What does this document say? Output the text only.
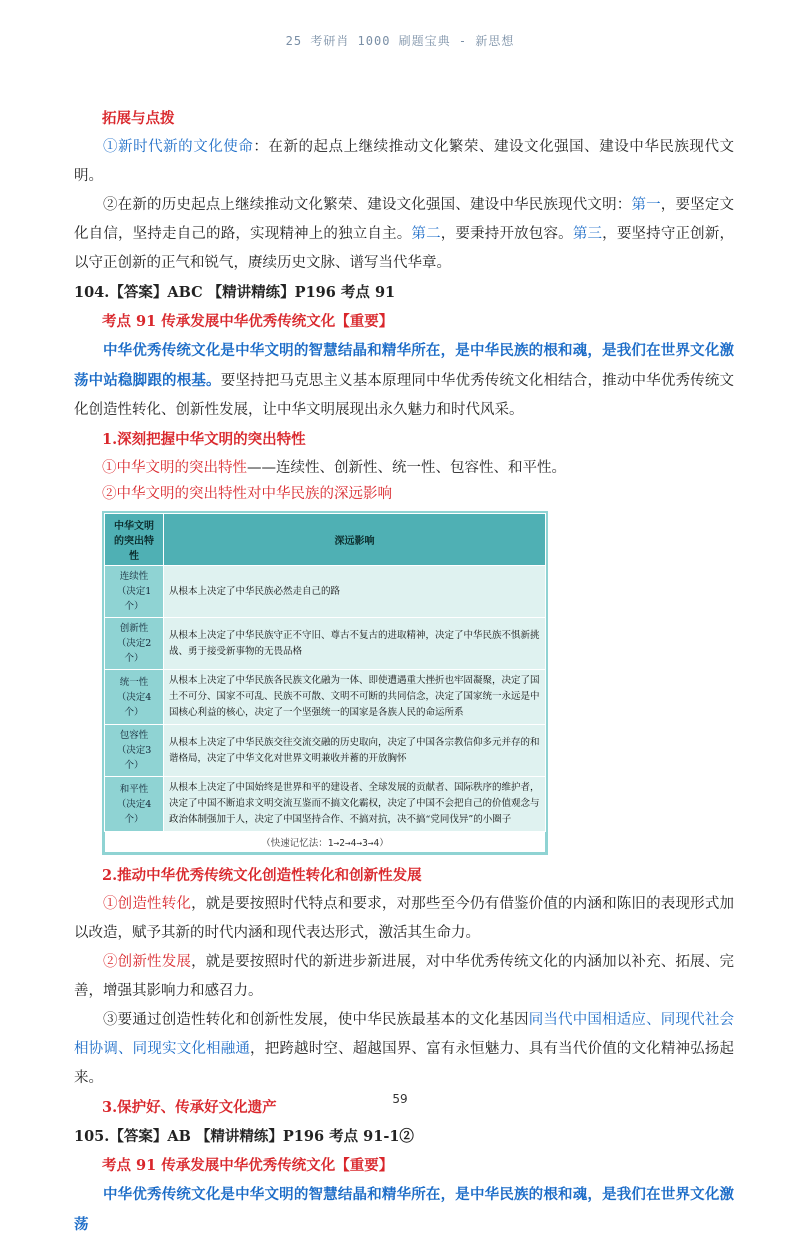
25 考研肖 1000 刷题宝典 - 新思想

拓展与点拨

①新时代新的文化使命：在新的起点上继续推动文化繁荣、建设文化强国、建设中华民族现代文明。

②在新的历史起点上继续推动文化繁荣、建设文化强国、建设中华民族现代文明：第一，要坚定文化自信，坚持走自己的路，实现精神上的独立自主。第二，要秉持开放包容。第三，要坚持守正创新，以守正创新的正气和锐气，赓续历史文脉、谱写当代华章。

104.【答案】ABC 【精讲精练】P196 考点 91

考点 91 传承发展中华优秀传统文化【重要】

中华优秀传统文化是中华文明的智慧结晶和精华所在，是中华民族的根和魂，是我们在世界文化激荡中站稳脚跟的根基。要坚持把马克思主义基本原理同中华优秀传统文化相结合，推动中华优秀传统文化创造性转化、创新性发展，让中华文明展现出永久魅力和时代风采。

1.深刻把握中华文明的突出特性

①中华文明的突出特性——连续性、创新性、统一性、包容性、和平性。

②中华文明的突出特性对中华民族的深远影响

中华文明的突出特性	深远影响
连续性
（决定1个）	从根本上决定了中华民族必然走自己的路
创新性
（决定2个）	从根本上决定了中华民族守正不守旧、尊古不复古的进取精神，决定了中华民族不惧新挑战、勇于接受新事物的无畏品格
统一性
（决定4个）	从根本上决定了中华民族各民族文化融为一体、即使遭遇重大挫折也牢固凝聚，决定了国土不可分、国家不可乱、民族不可散、文明不可断的共同信念，决定了国家统一永远是中国核心利益的核心，决定了一个坚强统一的国家是各族人民的命运所系
包容性
（决定3个）	从根本上决定了中华民族交往交流交融的历史取向，决定了中国各宗教信仰多元并存的和谐格局，决定了中华文化对世界文明兼收并蓄的开放胸怀
和平性
（决定4个）	从根本上决定了中国始终是世界和平的建设者、全球发展的贡献者、国际秩序的维护者，决定了中国不断追求文明交流互鉴而不搞文化霸权，决定了中国不会把自己的价值观念与政治体制强加于人，决定了中国坚持合作、不搞对抗，决不搞“党同伐异”的小圈子
（快速记忆法：1→2→4→3→4）

2.推动中华优秀传统文化创造性转化和创新性发展

①创造性转化，就是要按照时代特点和要求，对那些至今仍有借鉴价值的内涵和陈旧的表现形式加以改造，赋予其新的时代内涵和现代表达形式，激活其生命力。

②创新性发展，就是要按照时代的新进步新进展，对中华优秀传统文化的内涵加以补充、拓展、完善，增强其影响力和感召力。

③要通过创造性转化和创新性发展，使中华民族最基本的文化基因同当代中国相适应、同现代社会相协调、同现实文化相融通，把跨越时空、超越国界、富有永恒魅力、具有当代价值的文化精神弘扬起来。

3.保护好、传承好文化遗产

105.【答案】AB 【精讲精练】P196 考点 91-1②

考点 91 传承发展中华优秀传统文化【重要】

中华优秀传统文化是中华文明的智慧结晶和精华所在，是中华民族的根和魂，是我们在世界文化激荡

59
